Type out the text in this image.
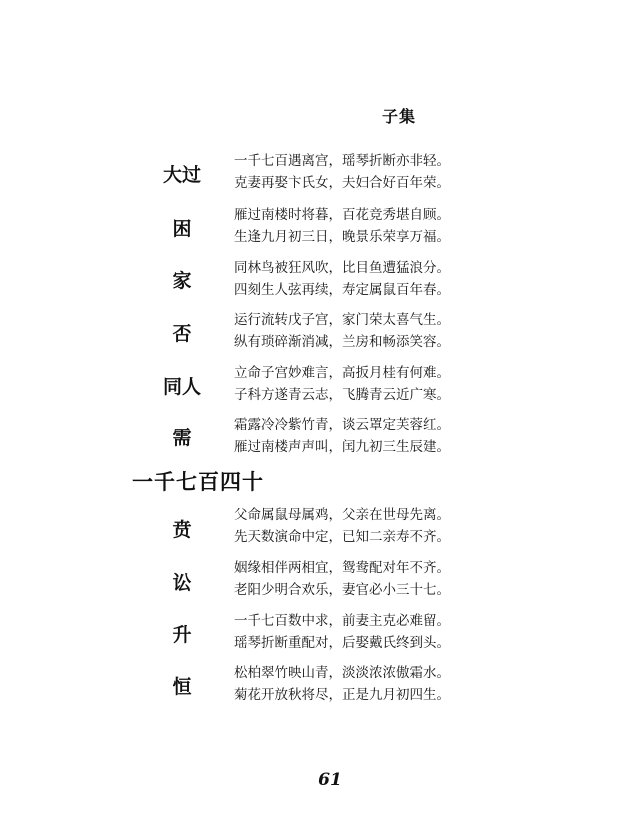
子集
大过
一千七百遇离宫，瑶琴折断亦非轻。
克妻再娶卞氏女，夫妇合好百年荣。
困
雁过南楼时将暮，百花竞秀堪自顾。
生逢九月初三日，晚景乐荣享万福。
家
同林鸟被狂风吹，比目鱼遭猛浪分。
四刻生人弦再续，寿定属鼠百年春。
否
运行流转戊子宫，家门荣太喜气生。
纵有琐碎渐消减，兰房和畅添笑容。
同人
立命子宫妙难言，高扳月桂有何难。
子科方遂青云志，飞腾青云近广寒。
需
霜露冷冷紫竹青，谈云罩定芙蓉红。
雁过南楼声声叫，闰九初三生辰建。
一千七百四十
贲
父命属鼠母属鸡，父亲在世母先离。
先天数演命中定，已知二亲寿不齐。
讼
姻缘相伴两相宜，鸳鸯配对年不齐。
老阳少明合欢乐，妻官必小三十七。
升
一千七百数中求，前妻主克必难留。
瑶琴折断重配对，后娶戴氏终到头。
恒
松柏翠竹映山青，淡淡浓浓傲霜水。
菊花开放秋将尽，正是九月初四生。
61
